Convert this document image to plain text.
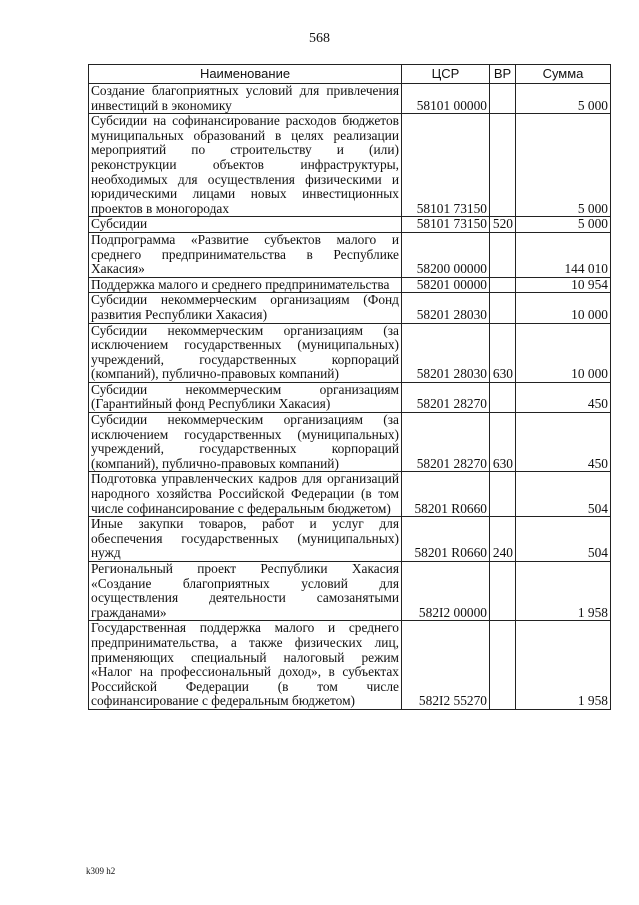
568
Наименование	ЦСР	ВР	Сумма
Создание благоприятных условий для привлечения инвестиций в экономику	58101 00000		5 000
Субсидии на софинансирование расходов бюджетов муниципальных образований в целях реализации мероприятий по строительству и (или) реконструкции объектов инфраструктуры, необходимых для осуществления физическими и юридическими лицами новых инвестиционных проектов в моногородах	58101 73150		5 000
Субсидии	58101 73150	520	5 000
Подпрограмма «Развитие субъектов малого и среднего предпринимательства в Республике Хакасия»	58200 00000		144 010
Поддержка малого и среднего предпринимательства	58201 00000		10 954
Субсидии некоммерческим организациям (Фонд развития Республики Хакасия)	58201 28030		10 000
Субсидии некоммерческим организациям (за исключением государственных (муниципальных) учреждений, государственных корпораций (компаний), публично-правовых компаний)	58201 28030	630	10 000
Субсидии некоммерческим организациям (Гарантийный фонд Республики Хакасия)	58201 28270		450
Субсидии некоммерческим организациям (за исключением государственных (муниципальных) учреждений, государственных корпораций (компаний), публично-правовых компаний)	58201 28270	630	450
Подготовка управленческих кадров для организаций народного хозяйства Российской Федерации (в том числе софинансирование с федеральным бюджетом)	58201 R0660		504
Иные закупки товаров, работ и услуг для обеспечения государственных (муниципальных) нужд	58201 R0660	240	504
Региональный проект Республики Хакасия «Создание благоприятных условий для осуществления деятельности самозанятыми гражданами»	582I2 00000		1 958
Государственная поддержка малого и среднего предпринимательства, а также физических лиц, применяющих специальный налоговый режим «Налог на профессиональный доход», в субъектах Российской Федерации (в том числе софинансирование с федеральным бюджетом)	582I2 55270		1 958
k309 h2
